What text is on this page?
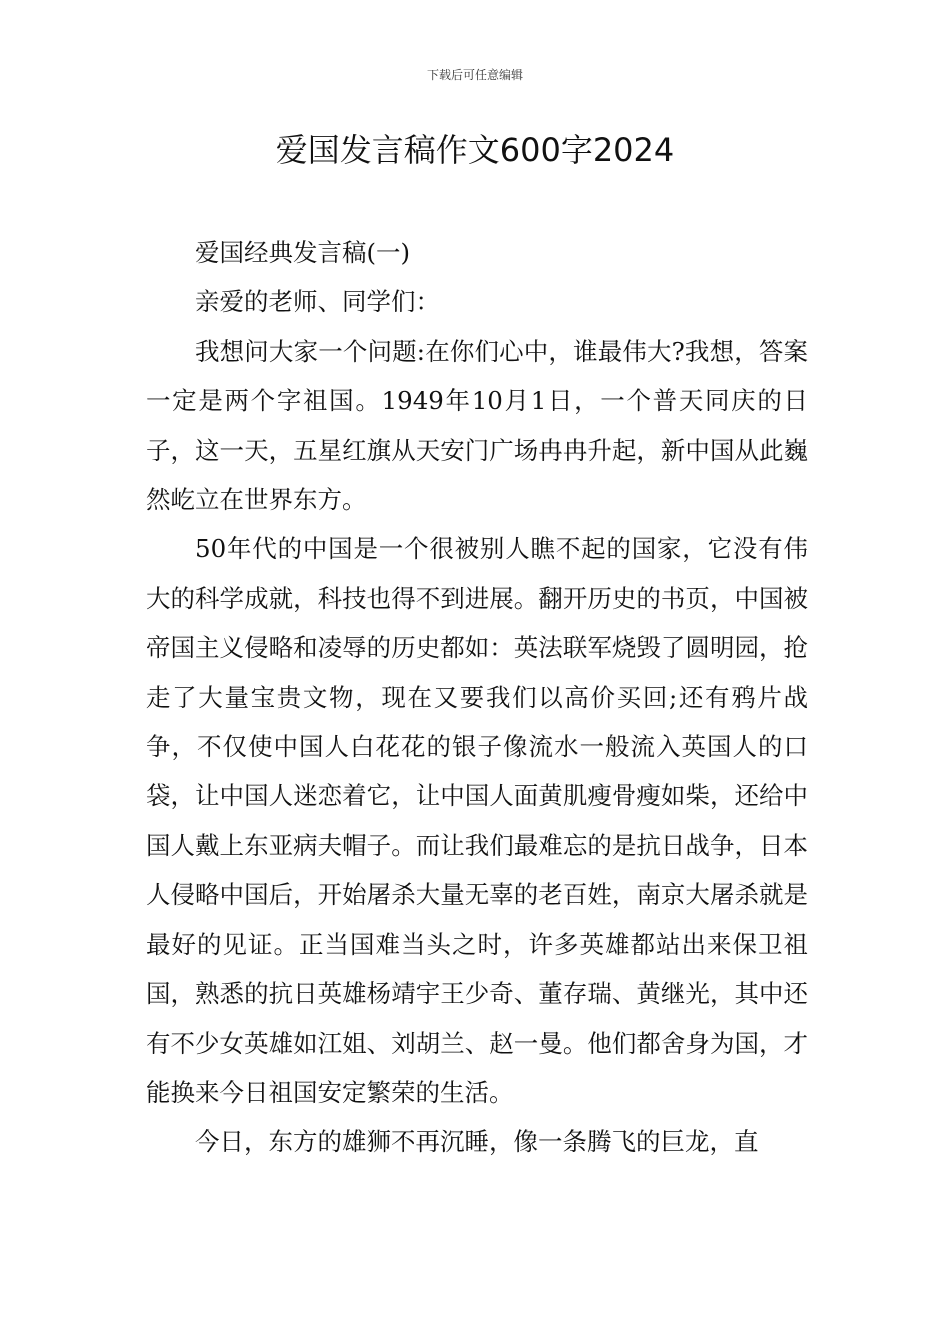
下载后可任意编辑
爱国发言稿作文600字2024

爱国经典发言稿(一)

亲爱的老师、同学们：

我想问大家一个问题:在你们心中，谁最伟大?我想，答案一定是两个字祖国。1949年10月1日，一个普天同庆的日子，这一天，五星红旗从天安门广场冉冉升起，新中国从此巍然屹立在世界东方。

50年代的中国是一个很被别人瞧不起的国家，它没有伟大的科学成就，科技也得不到进展。翻开历史的书页，中国被帝国主义侵略和凌辱的历史都如：英法联军烧毁了圆明园，抢走了大量宝贵文物，现在又要我们以高价买回;还有鸦片战争，不仅使中国人白花花的银子像流水一般流入英国人的口袋，让中国人迷恋着它，让中国人面黄肌瘦骨瘦如柴，还给中国人戴上东亚病夫帽子。而让我们最难忘的是抗日战争，日本人侵略中国后，开始屠杀大量无辜的老百姓，南京大屠杀就是最好的见证。正当国难当头之时，许多英雄都站出来保卫祖国，熟悉的抗日英雄杨靖宇王少奇、董存瑞、黄继光，其中还有不少女英雄如江姐、刘胡兰、赵一曼。他们都舍身为国，才能换来今日祖国安定繁荣的生活。

今日，东方的雄狮不再沉睡，像一条腾飞的巨龙，直
